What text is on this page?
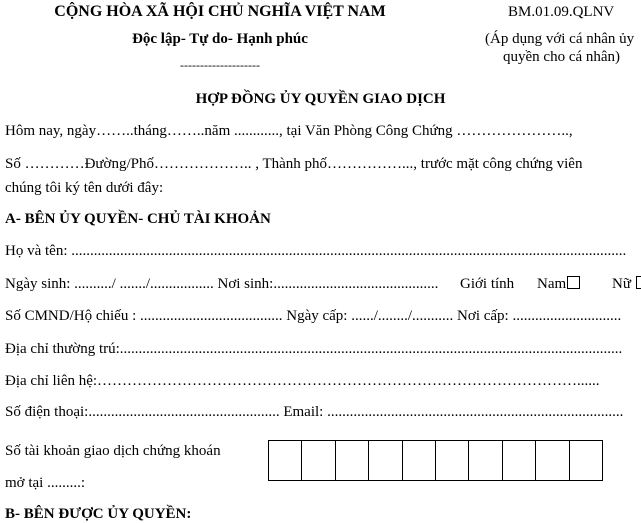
CỘNG HÒA XÃ HỘI CHỦ NGHĨA VIỆT NAM
Độc lập- Tự do- Hạnh phúc
--------------------
BM.01.09.QLNV
(Áp dụng với cá nhân ủy
quyền cho cá nhân)
HỢP ĐỒNG ỦY QUYỀN GIAO DỊCH
Hôm nay, ngày……..tháng……..năm ............, tại Văn Phòng Công Chứng …………………..,
Số …………Đường/Phố……………….. , Thành phố……………..., trước mặt công chứng viên
chúng tôi ký tên dưới đây:
A- BÊN ỦY QUYỀN- CHỦ TÀI KHOẢN
Họ và tên: ....................................................................................................................................................
Ngày sinh: ........../ ......./................. Nơi sinh:............................................ Giới tính Nam	Nữ
Số CMND/Hộ chiếu : ...................................... Ngày cấp: ....../......../........... Nơi cấp: .............................
Địa chỉ thường trú:......................................................................................................................................
Địa chỉ liên hệ:……………………………………………………………………………………......
Số điện thoại:................................................... Email: ...............................................................................
Số tài khoản giao dịch chứng khoán
mở tại .........:
B- BÊN ĐƯỢC ỦY QUYỀN:
